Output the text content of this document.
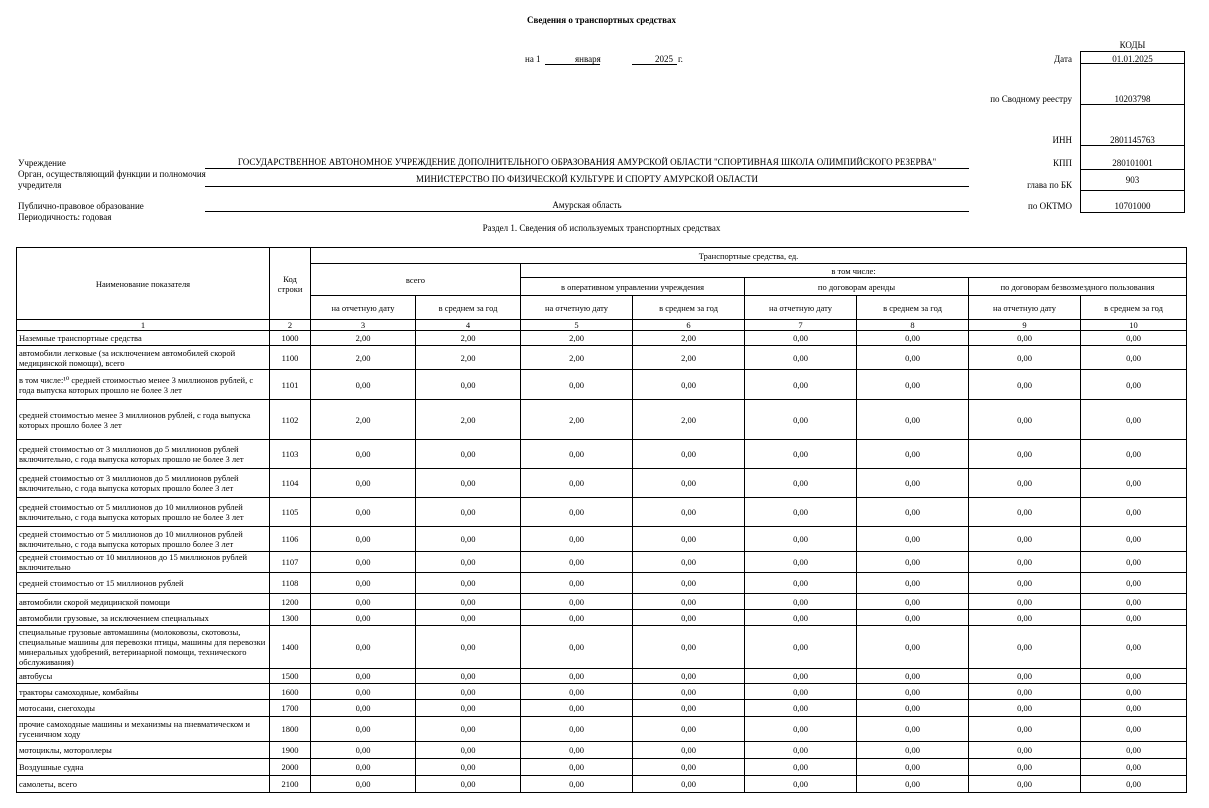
Сведения о транспортных средствах
на 1	января	2025 г.
КОДЫ
Дата	01.01.2025
по Сводному реестру	10203798
ИНН	2801145763
КПП	280101001
глава по БК	903
по ОКТМО	10701000
Учреждение	ГОСУДАРСТВЕННОЕ АВТОНОМНОЕ УЧРЕЖДЕНИЕ ДОПОЛНИТЕЛЬНОГО ОБРАЗОВАНИЯ АМУРСКОЙ ОБЛАСТИ "СПОРТИВНАЯ ШКОЛА ОЛИМПИЙСКОГО РЕЗЕРВА"
Орган, осуществляющий функции и полномочия
учредителя
МИНИСТЕРСТВО ПО ФИЗИЧЕСКОЙ КУЛЬТУРЕ И СПОРТУ АМУРСКОЙ ОБЛАСТИ
Публично-правовое образование	Амурская область
Периодичность: годовая
Раздел 1. Сведения об используемых транспортных средствах
Наименование показателя	Код строки	Транспортные средства, ед.							
		всего		в том числе:					
				в оперативном управлении учреждения		по договорам аренды		по договорам безвозмездного пользования	
		на отчетную дату	в среднем за год	на отчетную дату	в среднем за год	на отчетную дату	в среднем за год	на отчетную дату	в среднем за год
1	2	3	4	5	6	7	8	9	10

Наземные транспортные средства	1000	2,00	2,00	2,00	2,00	0,00	0,00	0,00	0,00

автомобили легковые (за исключением автомобилей скорой медицинской помощи), всего	1100	2,00	2,00	2,00	2,00	0,00	0,00	0,00	0,00

в том числе:¹⁰ средней стоимостью менее 3 миллионов рублей, с года выпуска которых прошло не более 3 лет	1101	0,00	0,00	0,00	0,00	0,00	0,00	0,00	0,00

средней стоимостью менее 3 миллионов рублей, с года выпуска которых прошло более 3 лет	1102	2,00	2,00	2,00	2,00	0,00	0,00	0,00	0,00

средней стоимостью от 3 миллионов до 5 миллионов рублей включительно, с года выпуска которых прошло не более 3 лет	1103	0,00	0,00	0,00	0,00	0,00	0,00	0,00	0,00

средней стоимостью от 3 миллионов до 5 миллионов рублей включительно, с года выпуска которых прошло более 3 лет	1104	0,00	0,00	0,00	0,00	0,00	0,00	0,00	0,00

средней стоимостью от 5 миллионов до 10 миллионов рублей включительно, с года выпуска которых прошло не более 3 лет	1105	0,00	0,00	0,00	0,00	0,00	0,00	0,00	0,00

средней стоимостью от 5 миллионов до 10 миллионов рублей включительно, с года выпуска которых прошло более 3 лет	1106	0,00	0,00	0,00	0,00	0,00	0,00	0,00	0,00

средней стоимостью от 10 миллионов до 15 миллионов рублей включительно	1107	0,00	0,00	0,00	0,00	0,00	0,00	0,00	0,00

средней стоимостью от 15 миллионов рублей	1108	0,00	0,00	0,00	0,00	0,00	0,00	0,00	0,00

автомобили скорой медицинской помощи	1200	0,00	0,00	0,00	0,00	0,00	0,00	0,00	0,00

автомобили грузовые, за исключением специальных	1300	0,00	0,00	0,00	0,00	0,00	0,00	0,00	0,00

специальные грузовые автомашины (молоковозы, скотовозы, специальные машины для перевозки птицы, машины для перевозки минеральных удобрений, ветеринарной помощи, технического обслуживания)	1400	0,00	0,00	0,00	0,00	0,00	0,00	0,00	0,00

автобусы	1500	0,00	0,00	0,00	0,00	0,00	0,00	0,00	0,00

тракторы самоходные, комбайны	1600	0,00	0,00	0,00	0,00	0,00	0,00	0,00	0,00

мотосани, снегоходы	1700	0,00	0,00	0,00	0,00	0,00	0,00	0,00	0,00

прочие самоходные машины и механизмы на пневматическом и гусеничном ходу	1800	0,00	0,00	0,00	0,00	0,00	0,00	0,00	0,00

мотоциклы, мотороллеры	1900	0,00	0,00	0,00	0,00	0,00	0,00	0,00	0,00

Воздушные судна	2000	0,00	0,00	0,00	0,00	0,00	0,00	0,00	0,00

самолеты, всего	2100	0,00	0,00	0,00	0,00	0,00	0,00	0,00	0,00
